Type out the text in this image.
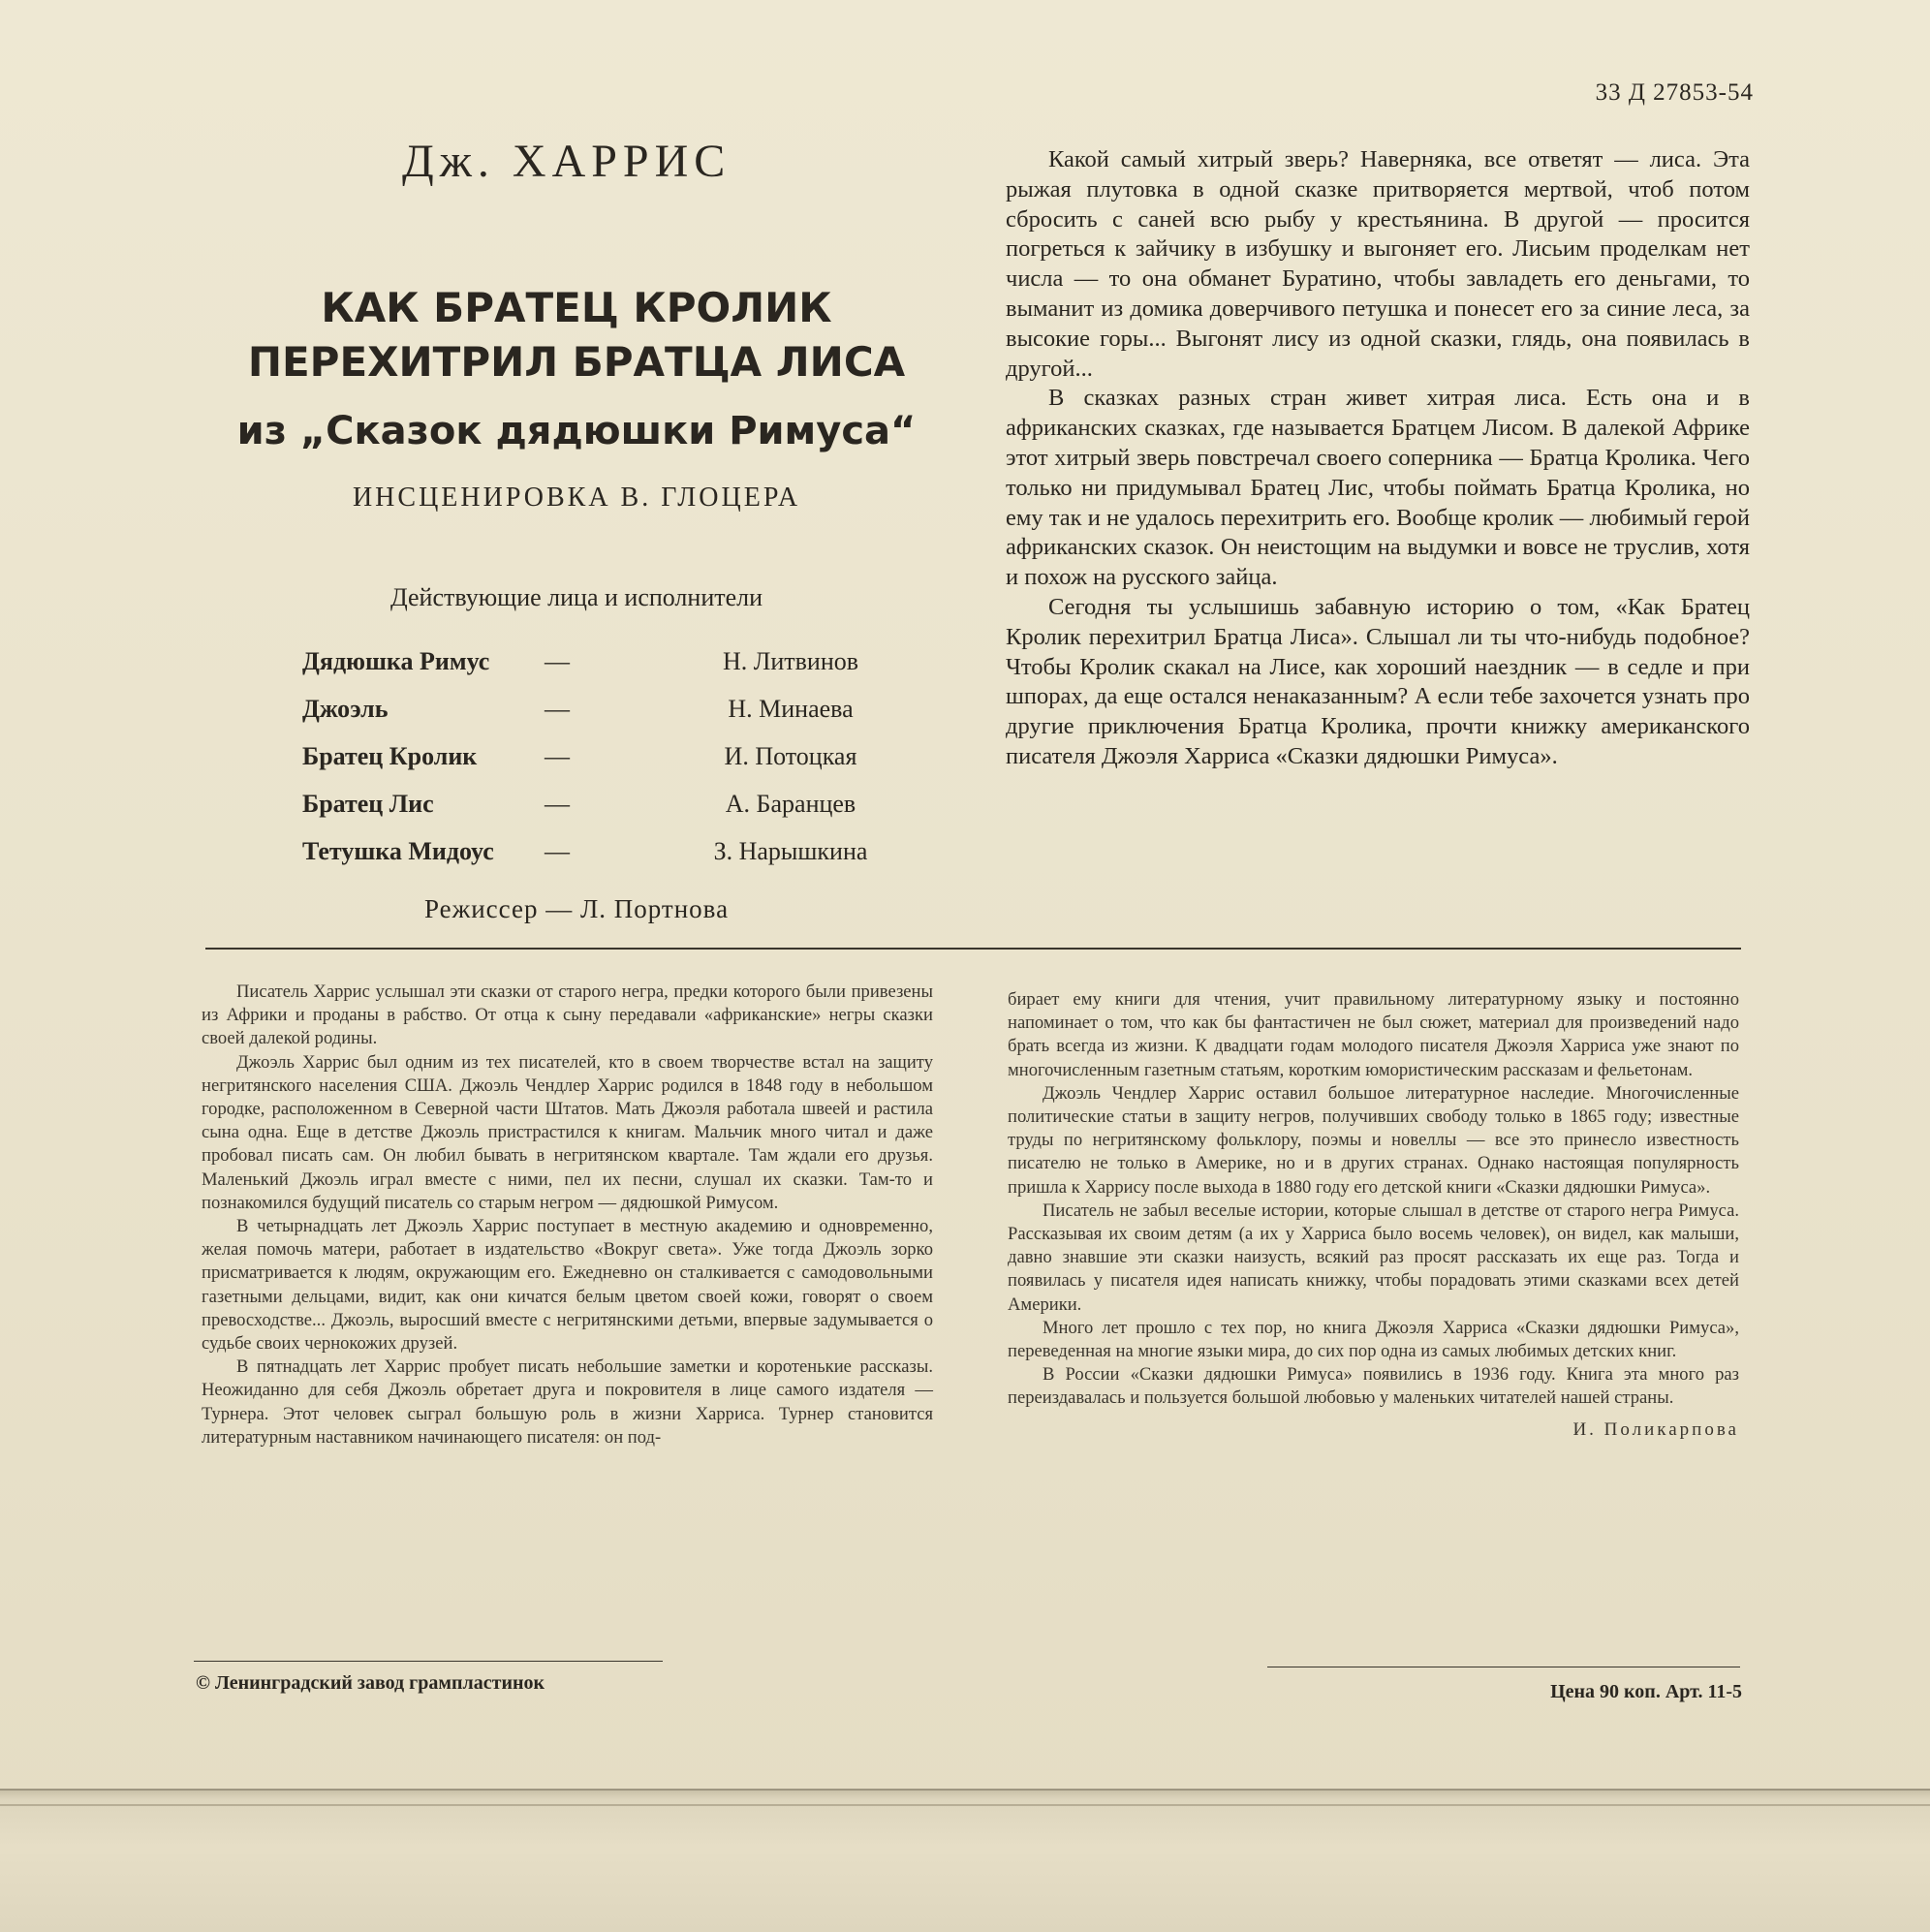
33 Д 27853-54
Дж. ХАРРИС
КАК БРАТЕЦ КРОЛИК
ПЕРЕХИТРИЛ БРАТЦА ЛИСА
из „Сказок дядюшки Римуса“
ИНСЦЕНИРОВКА В. ГЛОЦЕРА
Действующие лица и исполнители
Дядюшка Римус —	Н. Литвинов
Джоэль	—	Н. Минаева
Братец Кролик	—	И. Потоцкая
Братец Лис	—	А. Баранцев
Тетушка Мидоус —	З. Нарышкина
Режиссер — Л. Портнова

Какой самый хитрый зверь? Наверняка, все ответят — лиса. Эта рыжая плутовка в одной сказке притворяется мертвой, чтоб потом сбросить с саней всю рыбу у крестьянина. В другой — просится погреться к зайчику в избушку и выгоняет его. Лисьим проделкам нет числа — то она обманет Буратино, чтобы завладеть его деньгами, то выманит из домика доверчивого петушка и понесет его за синие леса, за высокие горы... Выгонят лису из одной сказки, глядь, она появилась в другой...

В сказках разных стран живет хитрая лиса. Есть она и в африканских сказках, где называется Братцем Лисом. В далекой Африке этот хитрый зверь повстречал своего соперника — Братца Кролика. Чего только ни придумывал Братец Лис, чтобы поймать Братца Кролика, но ему так и не удалось перехитрить его. Вообще кролик — любимый герой африканских сказок. Он неистощим на выдумки и вовсе не труслив, хотя и похож на русского зайца.

Сегодня ты услышишь забавную историю о том, «Как Братец Кролик перехитрил Братца Лиса». Слышал ли ты что-нибудь подобное? Чтобы Кролик скакал на Лисе, как хороший наездник — в седле и при шпорах, да еще остался ненаказанным? А если тебе захочется узнать про другие приключения Братца Кролика, прочти книжку американского писателя Джоэля Харриса «Сказки дядюшки Римуса».

Писатель Харрис услышал эти сказки от старого негра, предки которого были привезены из Африки и проданы в рабство. От отца к сыну передавали «африканские» негры сказки своей далекой родины.

Джоэль Харрис был одним из тех писателей, кто в своем творчестве встал на защиту негритянского населения США. Джоэль Чендлер Харрис родился в 1848 году в небольшом городке, расположенном в Северной части Штатов. Мать Джоэля работала швеей и растила сына одна. Еще в детстве Джоэль пристрастился к книгам. Мальчик много читал и даже пробовал писать сам. Он любил бывать в негритянском квартале. Там ждали его друзья. Маленький Джоэль играл вместе с ними, пел их песни, слушал их сказки. Там-то и познакомился будущий писатель со старым негром — дядюшкой Римусом.

В четырнадцать лет Джоэль Харрис поступает в местную академию и одновременно, желая помочь матери, работает в издательство «Вокруг света». Уже тогда Джоэль зорко присматривается к людям, окружающим его. Ежедневно он сталкивается с самодовольными газетными дельцами, видит, как они кичатся белым цветом своей кожи, говорят о своем превосходстве... Джоэль, выросший вместе с негритянскими детьми, впервые задумывается о судьбе своих чернокожих друзей.

В пятнадцать лет Харрис пробует писать небольшие заметки и коротенькие рассказы. Неожиданно для себя Джоэль обретает друга и покровителя в лице самого издателя — Турнера. Этот человек сыграл большую роль в жизни Харриса. Турнер становится литературным наставником начинающего писателя: он под-

бирает ему книги для чтения, учит правильному литературному языку и постоянно напоминает о том, что как бы фантастичен не был сюжет, материал для произведений надо брать всегда из жизни. К двадцати годам молодого писателя Джоэля Харриса уже знают по многочисленным газетным статьям, коротким юмористическим рассказам и фельетонам.

Джоэль Чендлер Харрис оставил большое литературное наследие. Многочисленные политические статьи в защиту негров, получивших свободу только в 1865 году; известные труды по негритянскому фольклору, поэмы и новеллы — все это принесло известность писателю не только в Америке, но и в других странах. Однако настоящая популярность пришла к Харрису после выхода в 1880 году его детской книги «Сказки дядюшки Римуса».

Писатель не забыл веселые истории, которые слышал в детстве от старого негра Римуса. Рассказывая их своим детям (а их у Харриса было восемь человек), он видел, как малыши, давно знавшие эти сказки наизусть, всякий раз просят рассказать их еще раз. Тогда и появилась у писателя идея написать книжку, чтобы порадовать этими сказками всех детей Америки.

Много лет прошло с тех пор, но книга Джоэля Харриса «Сказки дядюшки Римуса», переведенная на многие языки мира, до сих пор одна из самых любимых детских книг.

В России «Сказки дядюшки Римуса» появились в 1936 году. Книга эта много раз переиздавалась и пользуется большой любовью у маленьких читателей нашей страны.

И. Поликарпова
© Ленинградский завод грампластинок	Цена 90 коп. Арт. 11-5
